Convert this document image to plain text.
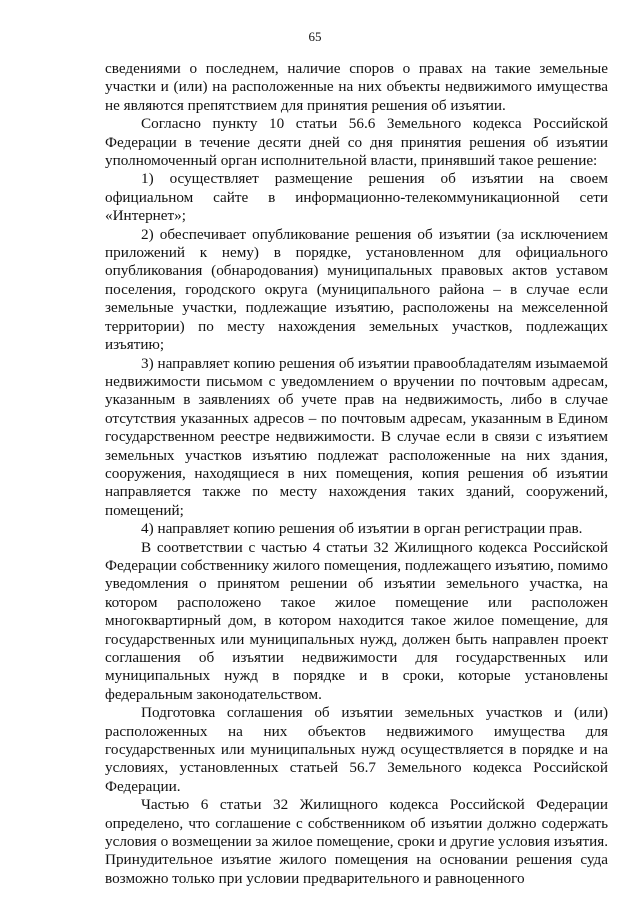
65

сведениями о последнем, наличие споров о правах на такие земельные участки и (или) на расположенные на них объекты недвижимого имущества не являются препятствием для принятия решения об изъятии.

Согласно пункту 10 статьи 56.6 Земельного кодекса Российской Федерации в течение десяти дней со дня принятия решения об изъятии уполномоченный орган исполнительной власти, принявший такое решение:

1) осуществляет размещение решения об изъятии на своем официальном сайте в информационно-телекоммуникационной сети «Интернет»;

2) обеспечивает опубликование решения об изъятии (за исключением приложений к нему) в порядке, установленном для официального опубликования (обнародования) муниципальных правовых актов уставом поселения, городского округа (муниципального района – в случае если земельные участки, подлежащие изъятию, расположены на межселенной территории) по месту нахождения земельных участков, подлежащих изъятию;

3) направляет копию решения об изъятии правообладателям изымаемой недвижимости письмом с уведомлением о вручении по почтовым адресам, указанным в заявлениях об учете прав на недвижимость, либо в случае отсутствия указанных адресов – по почтовым адресам, указанным в Едином государственном реестре недвижимости. В случае если в связи с изъятием земельных участков изъятию подлежат расположенные на них здания, сооружения, находящиеся в них помещения, копия решения об изъятии направляется также по месту нахождения таких зданий, сооружений, помещений;

4) направляет копию решения об изъятии в орган регистрации прав.

В соответствии с частью 4 статьи 32 Жилищного кодекса Российской Федерации собственнику жилого помещения, подлежащего изъятию, помимо уведомления о принятом решении об изъятии земельного участка, на котором расположено такое жилое помещение или расположен многоквартирный дом, в котором находится такое жилое помещение, для государственных или муниципальных нужд, должен быть направлен проект соглашения об изъятии недвижимости для государственных или муниципальных нужд в порядке и в сроки, которые установлены федеральным законодательством.

Подготовка соглашения об изъятии земельных участков и (или) расположенных на них объектов недвижимого имущества для государственных или муниципальных нужд осуществляется в порядке и на условиях, установленных статьей 56.7 Земельного кодекса Российской Федерации.

Частью 6 статьи 32 Жилищного кодекса Российской Федерации определено, что соглашение с собственником об изъятии должно содержать условия о возмещении за жилое помещение, сроки и другие условия изъятия. Принудительное изъятие жилого помещения на основании решения суда возможно только при условии предварительного и равноценного
